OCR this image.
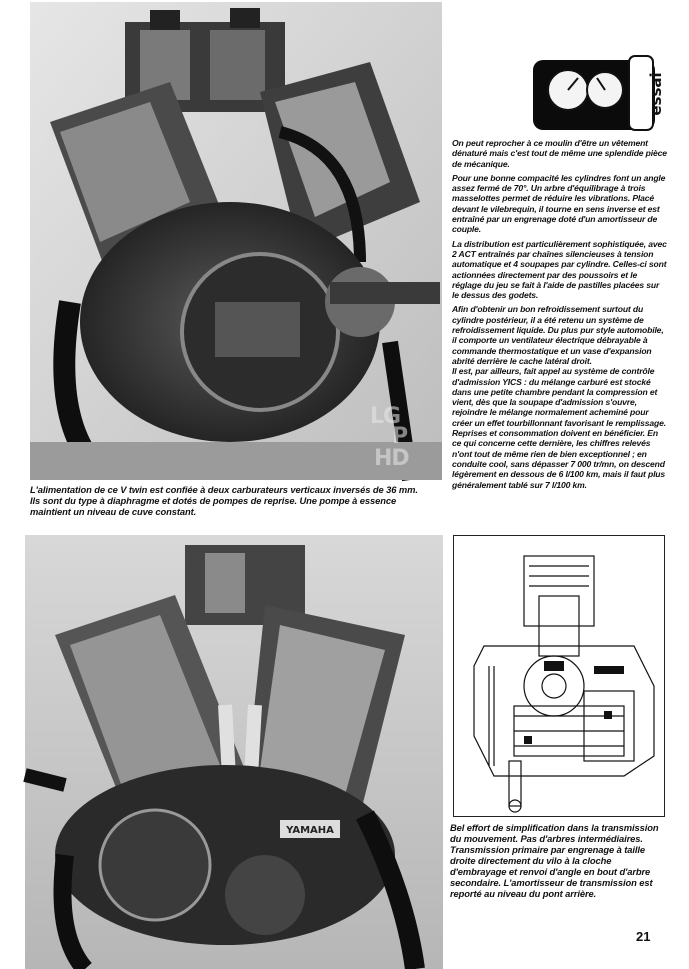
LG
P
HD
L'alimentation de ce V twin est confiée à deux carburateurs verticaux inversés de 36 mm. Ils sont du type à diaphragme et dotés de pompes de reprise. Une pompe à essence maintient un niveau de cuve constant.
essai

On peut reprocher à ce moulin d'être un vêtement dénaturé mais c'est tout de même une splendide pièce de mécanique.

Pour une bonne compacité les cylindres font un angle assez fermé de 70°. Un arbre d'équilibrage à trois masselottes permet de réduire les vibrations. Placé devant le vilebrequin, il tourne en sens inverse et est entraîné par un engrenage doté d'un amortisseur de couple.

La distribution est particulièrement sophistiquée, avec 2 ACT entraînés par chaînes silencieuses à tension automatique et 4 soupapes par cylindre. Celles-ci sont actionnées directement par des poussoirs et le réglage du jeu se fait à l'aide de pastilles placées sur le dessus des godets.

Afin d'obtenir un bon refroidissement surtout du cylindre postérieur, il a été retenu un système de refroidissement liquide. Du plus pur style automobile, il comporte un ventilateur électrique débrayable à commande thermostatique et un vase d'expansion abrité derrière le cache latéral droit.

Il est, par ailleurs, fait appel au système de contrôle d'admission YICS : du mélange carburé est stocké dans une petite chambre pendant la compression et vient, dès que la soupape d'admission s'ouvre, rejoindre le mélange normalement acheminé pour créer un effet tourbillonnant favorisant le remplissage. Reprises et consommation doivent en bénéficier. En ce qui concerne cette dernière, les chiffres relevés n'ont tout de même rien de bien exceptionnel ; en conduite cool, sans dépasser 7 000 tr/mn, on descend légèrement en dessous de 6 l/100 km, mais il faut plus généralement tablé sur 7 l/100 km.

YAMAHA	Bel effort de simplification dans la transmission du mouvement. Pas d'arbres intermédiaires. Transmission primaire par engrenage à taille droite directement du vilo à la cloche d'embrayage et renvoi d'angle en bout d'arbre secondaire. L'amortisseur de transmission est reporté au niveau du pont arrière.

21
